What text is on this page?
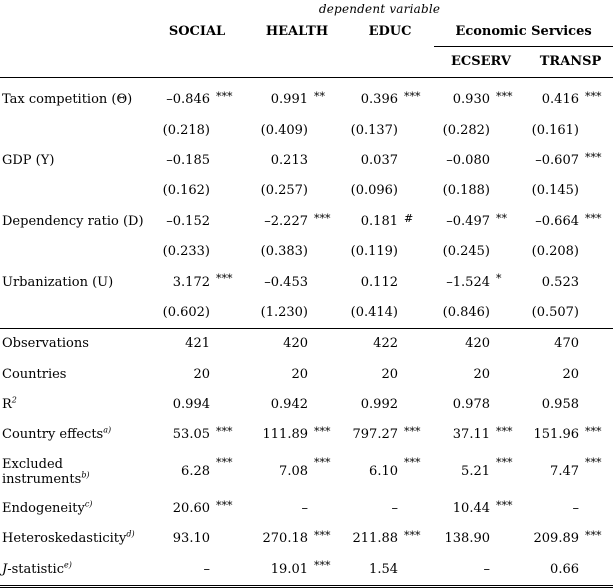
	dependent variable									
	SOCIAL		HEALTH		EDUC		Economic Services			
							ECSERV		TRANSP	

Tax competition (Θ)	–0.846	***	0.991	**	0.396	***	0.930	***	0.416	***
	(0.218)		(0.409)		(0.137)		(0.282)		(0.161)	
GDP (Y)	–0.185		0.213		0.037		–0.080		–0.607	***
	(0.162)		(0.257)		(0.096)		(0.188)		(0.145)	
Dependency ratio (D)	–0.152		–2.227	***	0.181	#	–0.497	**	–0.664	***
	(0.233)		(0.383)		(0.119)		(0.245)		(0.208)	
Urbanization (U)	3.172	***	–0.453		0.112		–1.524	*	0.523	
	(0.602)		(1.230)		(0.414)		(0.846)		(0.507)	
Observations	421		420		422		420		470	
Countries	20		20		20		20		20	
$R^2$	0.994		0.942		0.992		0.978		0.958	
Country effects$^{a)}$	53.05	***	111.89	***	797.27	***	37.11	***	151.96	***
Excluded instruments$^{b)}$	6.28	***	7.08	***	6.10	***	5.21	***	7.47	***
Endogeneity$^{c)}$	20.60	***	–		–		10.44	***	–	
Heteroskedasticity$^{d)}$	93.10		270.18	***	211.88	***	138.90		209.89	***
J-statistic$^{e)}$	–		19.01	***	1.54		–		0.66	
